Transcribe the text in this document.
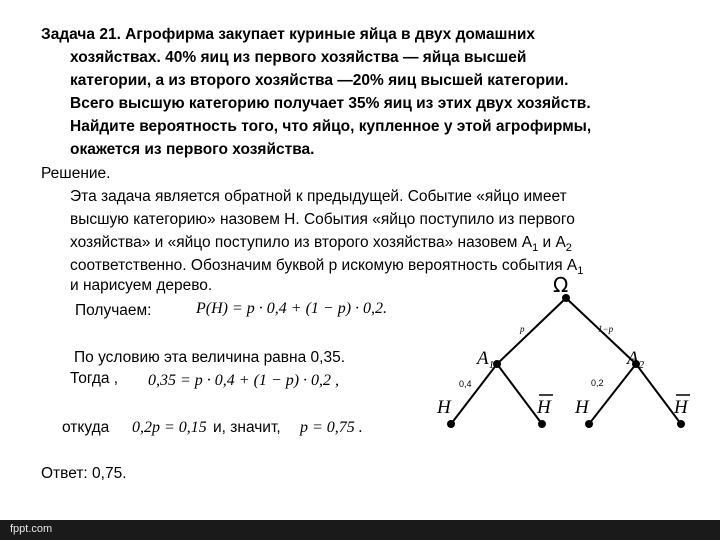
Задача 21. Агрофирма закупает куриные яйца в двух домашних
хозяйствах. 40% яиц из первого хозяйства — яйца высшей
категории, а из второго хозяйства —20% яиц высшей категории.
Всего высшую категорию получает 35% яиц из этих двух хозяйств.
Найдите вероятность того, что яйцо, купленное у этой агрофирмы,
окажется из первого хозяйства.
Решение.
Эта задача является обратной к предыдущей. Событие «яйцо имеет
высшую категорию» назовем H. События «яйцо поступило из первого
хозяйства» и «яйцо поступило из второго хозяйства» назовем $A_1$ и $A_2$
соответственно. Обозначим буквой p искомую вероятность события $A_1$
и нарисуем дерево.
Получаем:	P(H) = p · 0,4 + (1 − p) · 0,2.
По условию эта величина равна 0,35.
Тогда , 0,35 = p · 0,4 + (1 − p) · 0,2 ,
откуда 0,2p = 0,15 и, значит, p = 0,75 .
Ответ: 0,75.
Ω
p	1−p
$A_1$	$A_2$
0,4	0,2
H	H H	H
fppt.com
